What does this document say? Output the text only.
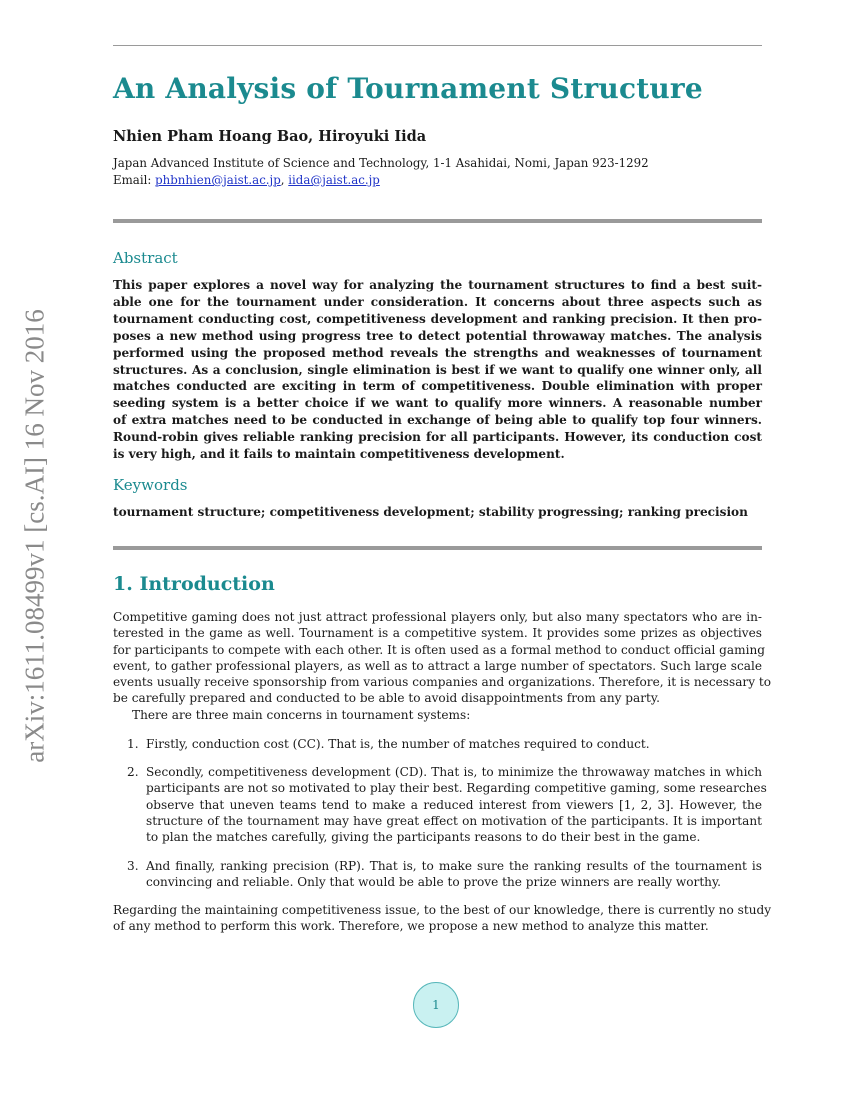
arXiv:1611.08499v1 [cs.AI] 16 Nov 2016
An Analysis of Tournament Structure
Nhien Pham Hoang Bao, Hiroyuki Iida
Japan Advanced Institute of Science and Technology, 1-1 Asahidai, Nomi, Japan 923-1292
Email: phbnhien@jaist.ac.jp, iida@jaist.ac.jp
Abstract
This paper explores a novel way for analyzing the tournament structures to find a best suit-
able one for the tournament under consideration. It concerns about three aspects such as
tournament conducting cost, competitiveness development and ranking precision. It then pro-
poses a new method using progress tree to detect potential throwaway matches. The analysis
performed using the proposed method reveals the strengths and weaknesses of tournament
structures. As a conclusion, single elimination is best if we want to qualify one winner only, all
matches conducted are exciting in term of competitiveness. Double elimination with proper
seeding system is a better choice if we want to qualify more winners. A reasonable number
of extra matches need to be conducted in exchange of being able to qualify top four winners.
Round-robin gives reliable ranking precision for all participants. However, its conduction cost
is very high, and it fails to maintain competitiveness development.
Keywords
tournament structure; competitiveness development; stability progressing; ranking precision
1. Introduction
Competitive gaming does not just attract professional players only, but also many spectators who are in-
terested in the game as well. Tournament is a competitive system. It provides some prizes as objectives
for participants to compete with each other. It is often used as a formal method to conduct official gaming
event, to gather professional players, as well as to attract a large number of spectators. Such large scale
events usually receive sponsorship from various companies and organizations. Therefore, it is necessary to
be carefully prepared and conducted to be able to avoid disappointments from any party.
There are three main concerns in tournament systems:
1. Firstly, conduction cost (CC). That is, the number of matches required to conduct.
2. Secondly, competitiveness development (CD). That is, to minimize the throwaway matches in which
participants are not so motivated to play their best. Regarding competitive gaming, some researches
observe that uneven teams tend to make a reduced interest from viewers [1, 2, 3]. However, the
structure of the tournament may have great effect on motivation of the participants. It is important
to plan the matches carefully, giving the participants reasons to do their best in the game.
3. And finally, ranking precision (RP). That is, to make sure the ranking results of the tournament is
convincing and reliable. Only that would be able to prove the prize winners are really worthy.
Regarding the maintaining competitiveness issue, to the best of our knowledge, there is currently no study
of any method to perform this work. Therefore, we propose a new method to analyze this matter.
1
